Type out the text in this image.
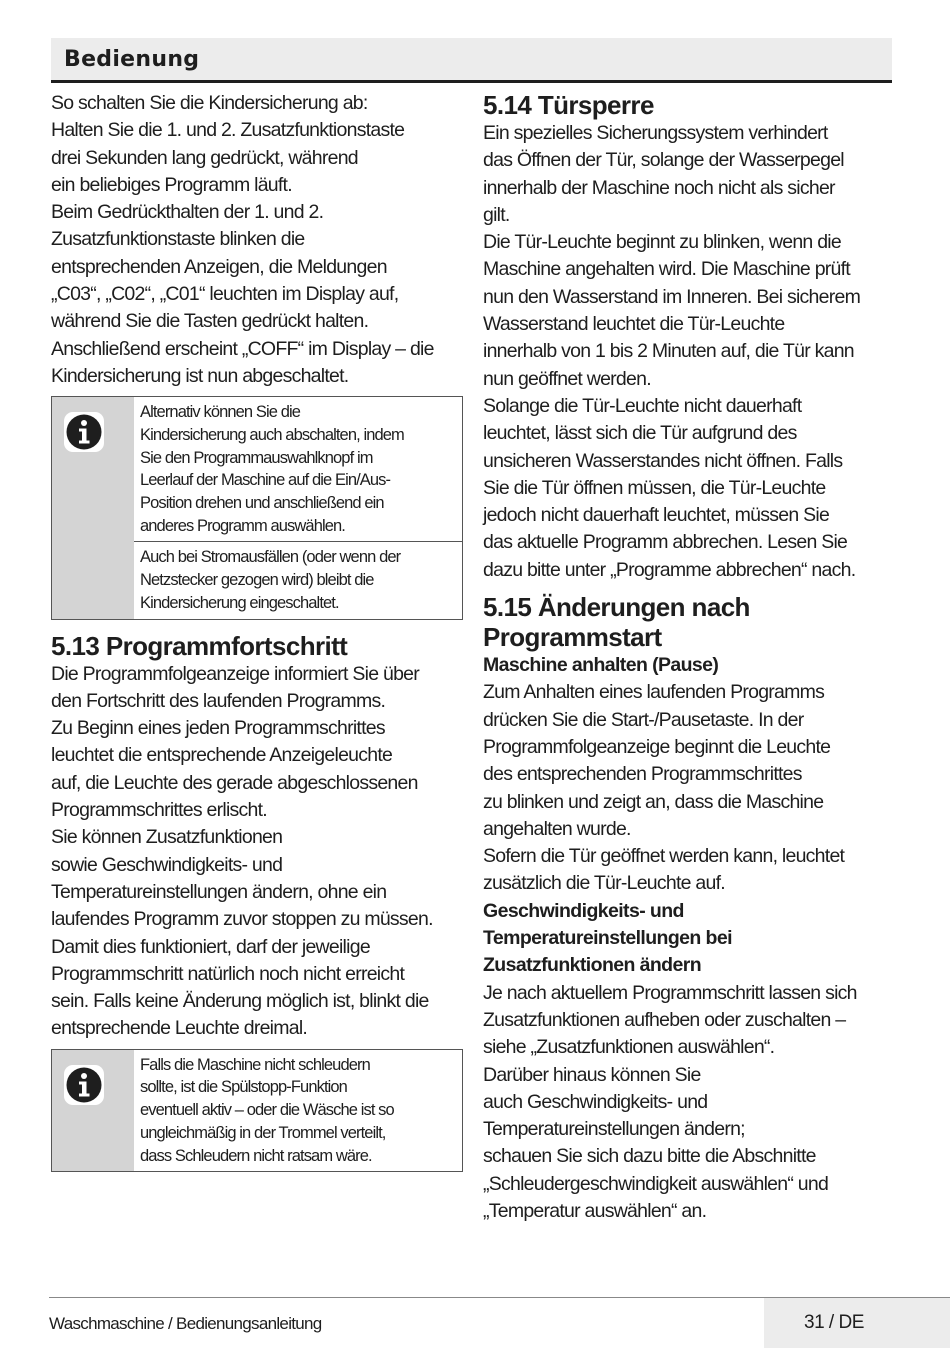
Bedienung

So schalten Sie die Kindersicherung ab:

Halten Sie die 1. und 2. Zusatzfunktionstaste

drei Sekunden lang gedrückt, während

ein beliebiges Programm läuft.

Beim Gedrückthalten der 1. und 2.

Zusatzfunktionstaste blinken die

entsprechenden Anzeigen, die Meldungen

„C03“, „C02“, „C01“ leuchten im Display auf,

während Sie die Tasten gedrückt halten.

Anschließend erscheint „COFF“ im Display – die

Kindersicherung ist nun abgeschaltet.

Alternativ können Sie die

Kindersicherung auch abschalten, indem

Sie den Programmauswahlknopf im

Leerlauf der Maschine auf die Ein/Aus-

Position drehen und anschließend ein

anderes Programm auswählen.

Auch bei Stromausfällen (oder wenn der

Netzstecker gezogen wird) bleibt die

Kindersicherung eingeschaltet.

5.13 Programmfortschritt

Die Programmfolgeanzeige informiert Sie über

den Fortschritt des laufenden Programms.

Zu Beginn eines jeden Programmschrittes

leuchtet die entsprechende Anzeigeleuchte

auf, die Leuchte des gerade abgeschlossenen

Programmschrittes erlischt.

Sie können Zusatzfunktionen

sowie Geschwindigkeits- und

Temperatureinstellungen ändern, ohne ein

laufendes Programm zuvor stoppen zu müssen.

Damit dies funktioniert, darf der jeweilige

Programmschritt natürlich noch nicht erreicht

sein. Falls keine Änderung möglich ist, blinkt die

entsprechende Leuchte dreimal.

Falls die Maschine nicht schleudern

sollte, ist die Spülstopp-Funktion

eventuell aktiv – oder die Wäsche ist so

ungleichmäßig in der Trommel verteilt,

dass Schleudern nicht ratsam wäre.

5.14 Türsperre

Ein spezielles Sicherungssystem verhindert

das Öffnen der Tür, solange der Wasserpegel

innerhalb der Maschine noch nicht als sicher

gilt.

Die Tür-Leuchte beginnt zu blinken, wenn die

Maschine angehalten wird. Die Maschine prüft

nun den Wasserstand im Inneren. Bei sicherem

Wasserstand leuchtet die Tür-Leuchte

innerhalb von 1 bis 2 Minuten auf, die Tür kann

nun geöffnet werden.

Solange die Tür-Leuchte nicht dauerhaft

leuchtet, lässt sich die Tür aufgrund des

unsicheren Wasserstandes nicht öffnen. Falls

Sie die Tür öffnen müssen, die Tür-Leuchte

jedoch nicht dauerhaft leuchtet, müssen Sie

das aktuelle Programm abbrechen. Lesen Sie

dazu bitte unter „Programme abbrechen“ nach.

5.15 Änderungen nach
Programmstart
Maschine anhalten (Pause)

Zum Anhalten eines laufenden Programms

drücken Sie die Start-/Pausetaste. In der

Programmfolgeanzeige beginnt die Leuchte

des entsprechenden Programmschrittes

zu blinken und zeigt an, dass die Maschine

angehalten wurde.

Sofern die Tür geöffnet werden kann, leuchtet

zusätzlich die Tür-Leuchte auf.

Geschwindigkeits- und
Temperatureinstellungen bei
Zusatzfunktionen ändern

Je nach aktuellem Programmschritt lassen sich

Zusatzfunktionen aufheben oder zuschalten –

siehe „Zusatzfunktionen auswählen“.

Darüber hinaus können Sie

auch Geschwindigkeits- und

Temperatureinstellungen ändern;

schauen Sie sich dazu bitte die Abschnitte

„Schleudergeschwindigkeit auswählen“ und

„Temperatur auswählen“ an.

Waschmaschine / Bedienungsanleitung	31 / DE
